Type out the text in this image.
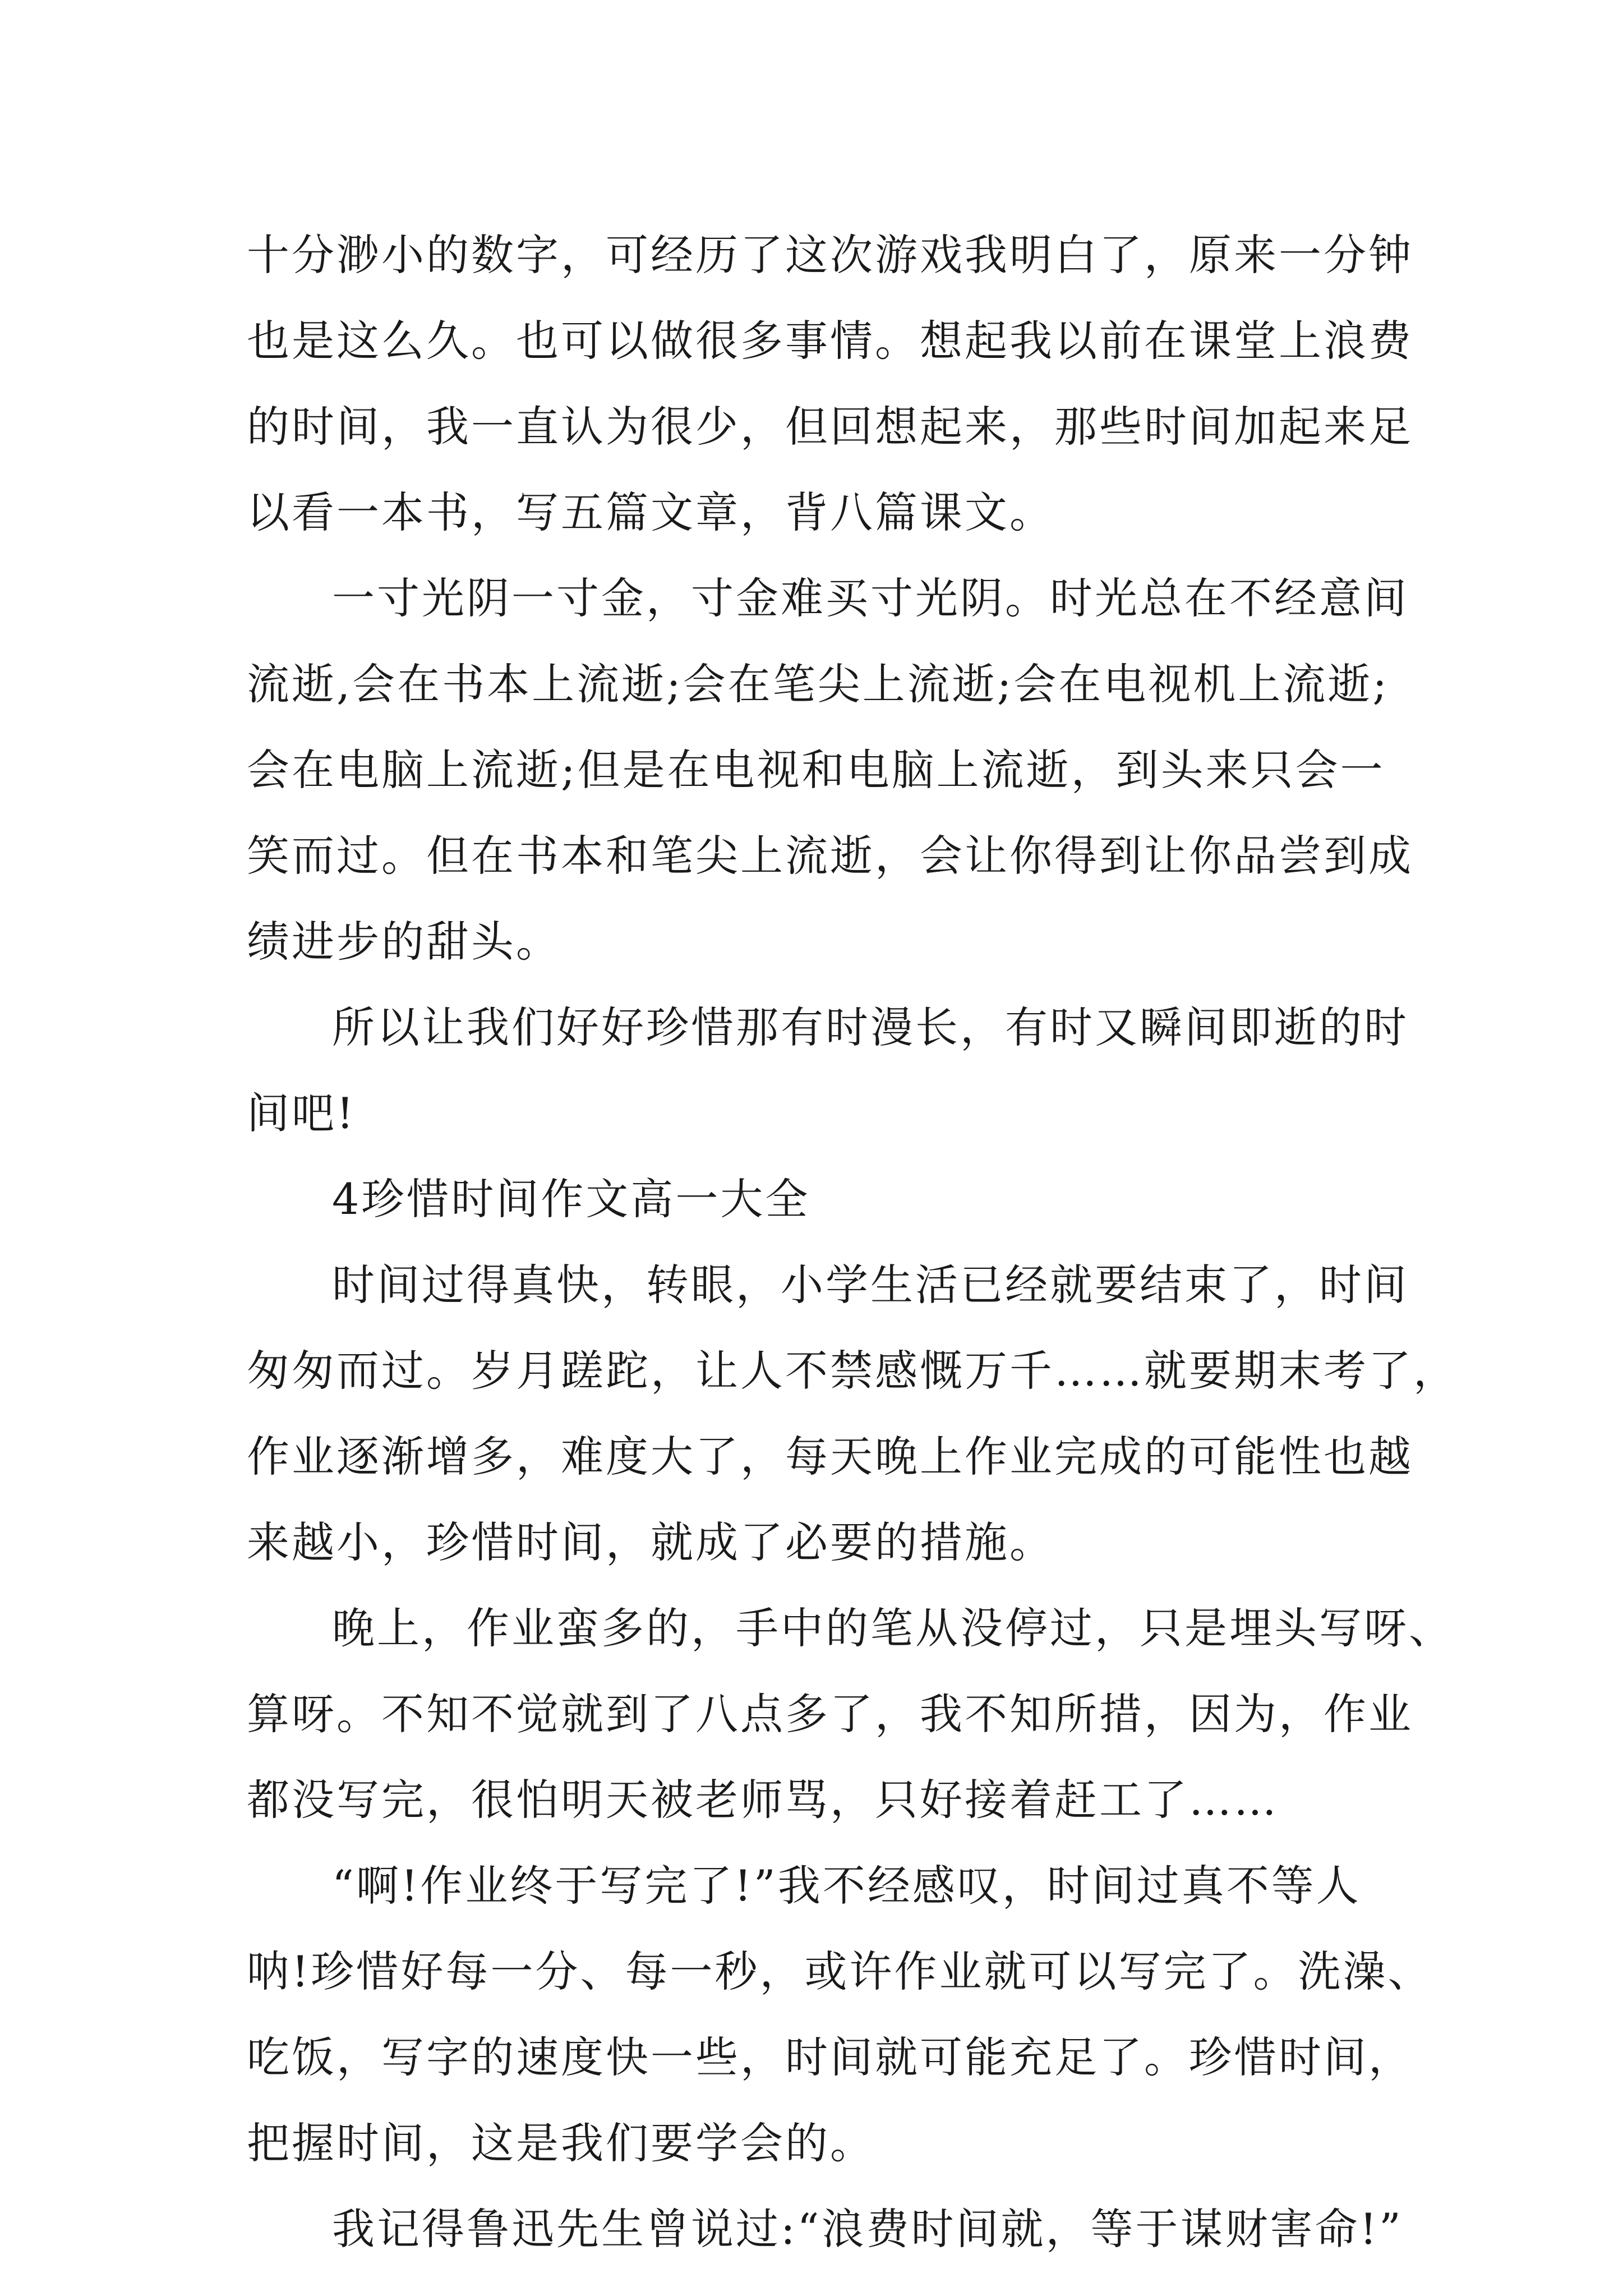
十分渺小的数字，可经历了这次游戏我明白了，原来一分钟
也是这么久。也可以做很多事情。想起我以前在课堂上浪费
的时间，我一直认为很少，但回想起来，那些时间加起来足
以看一本书，写五篇文章，背八篇课文。
一寸光阴一寸金，寸金难买寸光阴。时光总在不经意间
流逝,会在书本上流逝;会在笔尖上流逝;会在电视机上流逝;
会在电脑上流逝;但是在电视和电脑上流逝，到头来只会一
笑而过。但在书本和笔尖上流逝，会让你得到让你品尝到成
绩进步的甜头。
所以让我们好好珍惜那有时漫长，有时又瞬间即逝的时
间吧!
4珍惜时间作文高一大全
时间过得真快，转眼，小学生活已经就要结束了，时间
匆匆而过。岁月蹉跎，让人不禁感慨万千……就要期末考了，
作业逐渐增多，难度大了，每天晚上作业完成的可能性也越
来越小，珍惜时间，就成了必要的措施。
晚上，作业蛮多的，手中的笔从没停过，只是埋头写呀、
算呀。不知不觉就到了八点多了，我不知所措，因为，作业
都没写完，很怕明天被老师骂，只好接着赶工了……
“啊!作业终于写完了!”我不经感叹，时间过真不等人
呐!珍惜好每一分、每一秒，或许作业就可以写完了。洗澡、
吃饭，写字的速度快一些，时间就可能充足了。珍惜时间，
把握时间，这是我们要学会的。
我记得鲁迅先生曾说过:“浪费时间就，等于谋财害命!”
